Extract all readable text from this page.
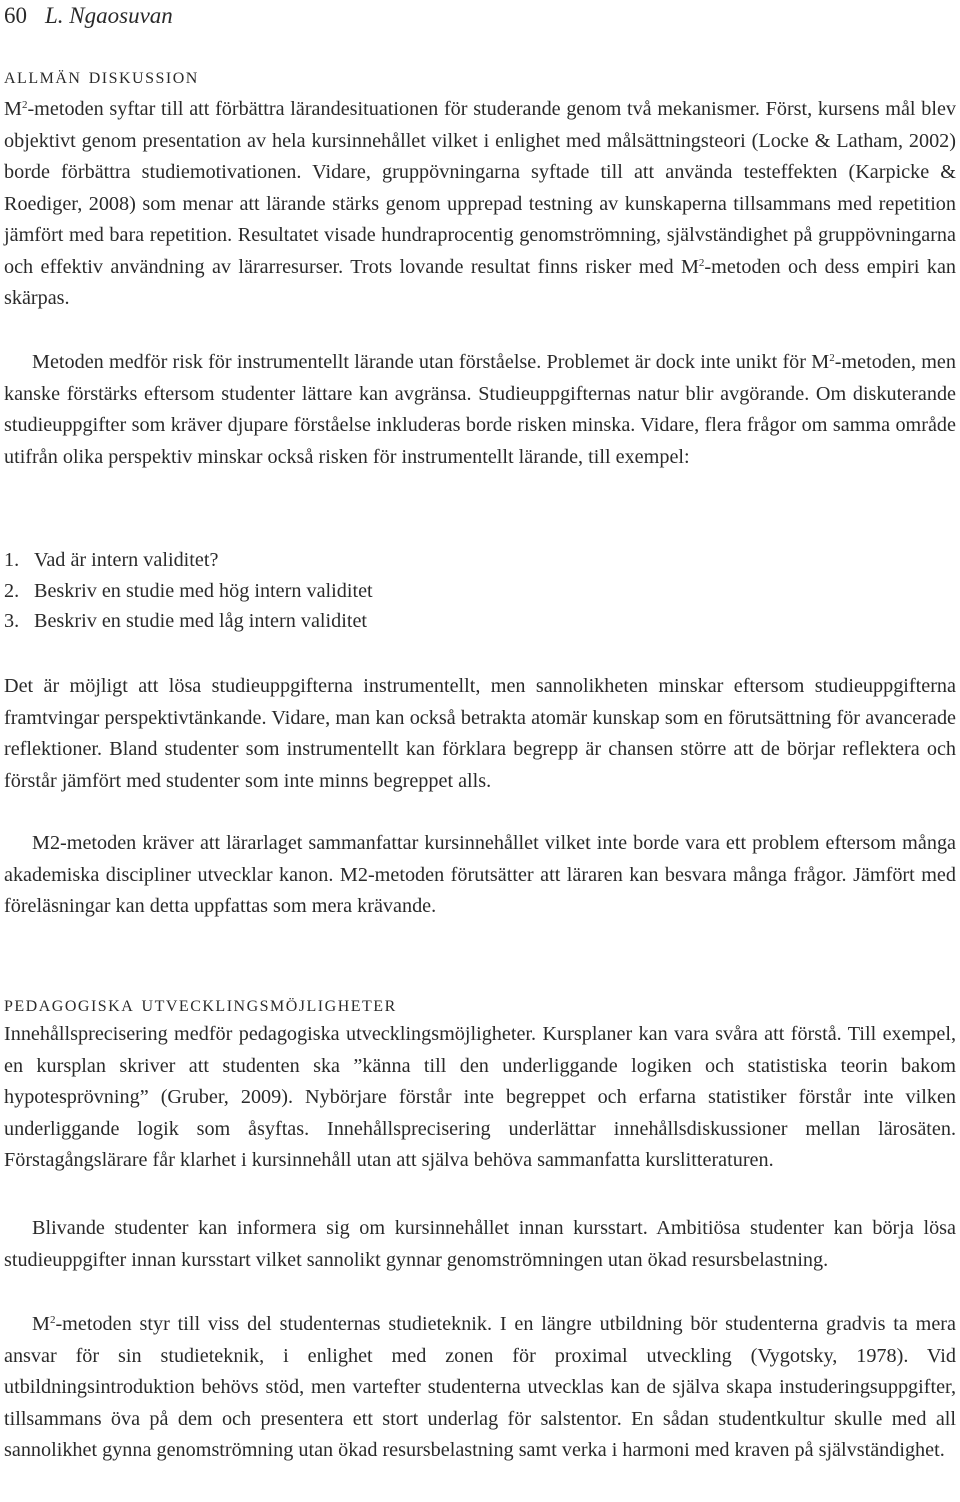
60 L. Ngaosuvan
allmän diskussion

$M^2$-metoden syftar till att förbättra lärandesituationen för studerande genom två mekanismer. Först, kursens mål blev objektivt genom presentation av hela kursinnehållet vilket i enlighet med målsättningsteori (Locke & Latham, 2002) borde förbättra studiemotivationen. Vidare, gruppövningarna syftade till att använda testeffekten (Karpicke & Roediger, 2008) som menar att lärande stärks genom upprepad testning av kunskaperna tillsammans med repetition jämfört med bara repetition. Resultatet visade hundraprocentig genomströmning, självständighet på gruppövningarna och effektiv användning av lärarresurser. Trots lovande resultat finns risker med $M^2$-metoden och dess empiri kan skärpas.

Metoden medför risk för instrumentellt lärande utan förståelse. Problemet är dock inte unikt för $M^2$-metoden, men kanske förstärks eftersom studenter lättare kan avgränsa. Studieuppgifternas natur blir avgörande. Om diskuterande studieuppgifter som kräver djupare förståelse inkluderas borde risken minska. Vidare, flera frågor om samma område utifrån olika perspektiv minskar också risken för instrumentellt lärande, till exempel:

1. Vad är intern validitet?
2. Beskriv en studie med hög intern validitet
3. Beskriv en studie med låg intern validitet

Det är möjligt att lösa studieuppgifterna instrumentellt, men sannolikheten minskar eftersom studieuppgifterna framtvingar perspektivtänkande. Vidare, man kan också betrakta atomär kunskap som en förutsättning för avancerade reflektioner. Bland studenter som instrumentellt kan förklara begrepp är chansen större att de börjar reflektera och förstår jämfört med studenter som inte minns begreppet alls.

M2-metoden kräver att lärarlaget sammanfattar kursinnehållet vilket inte borde vara ett problem eftersom många akademiska discipliner utvecklar kanon. M2-metoden förutsätter att läraren kan besvara många frågor. Jämfört med föreläsningar kan detta uppfattas som mera krävande.

pedagogiska utvecklingsmöjligheter

Innehållsprecisering medför pedagogiska utvecklingsmöjligheter. Kursplaner kan vara svåra att förstå. Till exempel, en kursplan skriver att studenten ska ”känna till den underliggande logiken och statistiska teorin bakom hypotesprövning” (Gruber, 2009). Nybörjare förstår inte begreppet och erfarna statistiker förstår inte vilken underliggande logik som åsyftas. Innehållsprecisering underlättar innehållsdiskussioner mellan lärosäten. Förstagångslärare får klarhet i kursinnehåll utan att själva behöva sammanfatta kurslitteraturen.

Blivande studenter kan informera sig om kursinnehållet innan kursstart. Ambitiösa studenter kan börja lösa studieuppgifter innan kursstart vilket sannolikt gynnar genomströmningen utan ökad resursbelastning.

$M^2$-metoden styr till viss del studenternas studieteknik. I en längre utbildning bör studenterna gradvis ta mera ansvar för sin studieteknik, i enlighet med zonen för proximal utveckling (Vygotsky, 1978). Vid utbildningsintroduktion behövs stöd, men vartefter studenterna utvecklas kan de själva skapa instuderingsuppgifter, tillsammans öva på dem och presentera ett stort underlag för salstentor. En sådan studentkultur skulle med all sannolikhet gynna genomströmning utan ökad resursbelastning samt verka i harmoni med kraven på självständighet.
